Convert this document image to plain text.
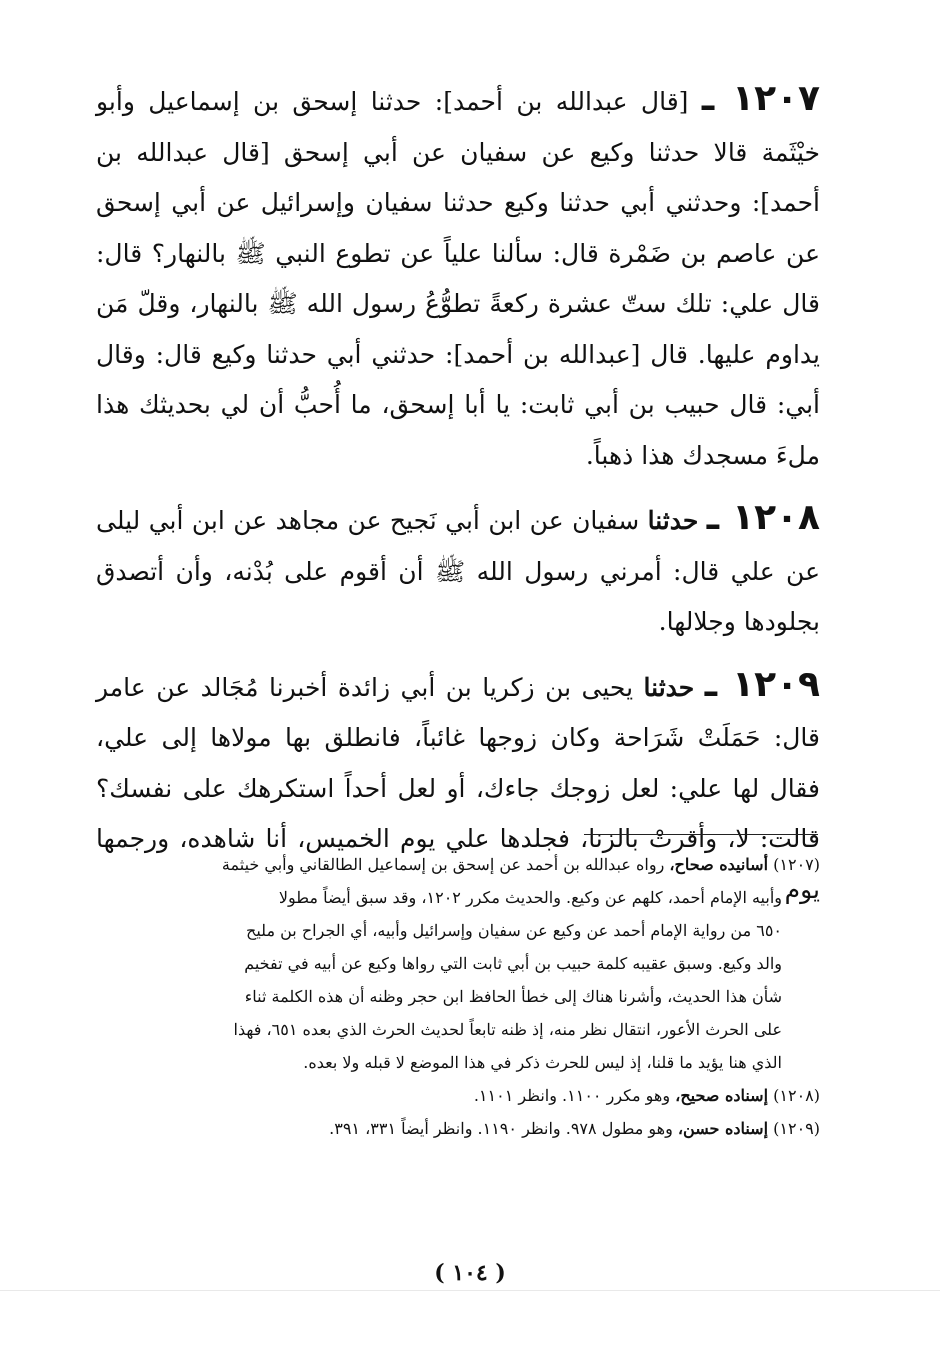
١٢٠٧ ـ [قال عبدالله بن أحمد]: حدثنا إسحق بن إسماعيل وأبو خيْثَمة قالا حدثنا وكيع عن سفيان عن أبي إسحق [قال عبدالله بن أحمد]: وحدثني أبي حدثنا وكيع حدثنا سفيان وإسرائيل عن أبي إسحق عن عاصم بن ضَمْرة قال: سألنا علياً عن تطوع النبي ﷺ بالنهار؟ قال: قال علي: تلك ستّ عشرة ركعةً تطوُّعُ رسول الله ﷺ بالنهار، وقلّ مَن يداوم عليها. قال [عبدالله بن أحمد]: حدثني أبي حدثنا وكيع قال: وقال أبي: قال حبيب بن أبي ثابت: يا أبا إسحق، ما أُحبُّ أن لي بحديثك هذا ملءَ مسجدك هذا ذهباً.

١٢٠٨ ـ حدثنا سفيان عن ابن أبي نَجيح عن مجاهد عن ابن أبي ليلى عن علي قال: أمرني رسول الله ﷺ أن أقوم على بُدْنه، وأن أتصدق بجلودها وجلالها.

١٢٠٩ ـ حدثنا يحيى بن زكريا بن أبي زائدة أخبرنا مُجَالد عن عامر قال: حَمَلَتْ شَرَاحة وكان زوجها غائباً، فانطلق بها مولاها إلى علي، فقال لها علي: لعل زوجك جاءك، أو لعل أحداً استكرهك على نفسك؟ قالت: لا، وأقرتْ بالزنا، فجلدها علي يوم الخميس، أنا شاهده، ورجمها يوم

(١٢٠٧) أسانيده صحاح، رواه عبدالله بن أحمد عن إسحق بن إسماعيل الطالقاني وأبي خيثمة

وأبيه الإمام أحمد، كلهم عن وكيع. والحديث مكرر ١٢٠٢، وقد سبق أيضاً مطولا

٦٥٠ من رواية الإمام أحمد عن وكيع عن سفيان وإسرائيل وأبيه، أي الجراح بن مليح

والد وكيع. وسبق عقيبه كلمة حبيب بن أبي ثابت التي رواها وكيع عن أبيه في تفخيم

شأن هذا الحديث، وأشرنا هناك إلى خطأ الحافظ ابن حجر وظنه أن هذه الكلمة ثناء

على الحرث الأعور، انتقال نظر منه، إذ ظنه تابعاً لحديث الحرث الذي بعده ٦٥١، فهذا

الذي هنا يؤيد ما قلنا، إذ ليس للحرث ذكر في هذا الموضع لا قبله ولا بعده.

(١٢٠٨) إسناده صحيح، وهو مكرر ١١٠٠. وانظر ١١٠١.

(١٢٠٩) إسناده حسن، وهو مطول ٩٧٨. وانظر ١١٩٠. وانظر أيضاً ٣٣١، ٣٩١.

( ١٠٤ )
